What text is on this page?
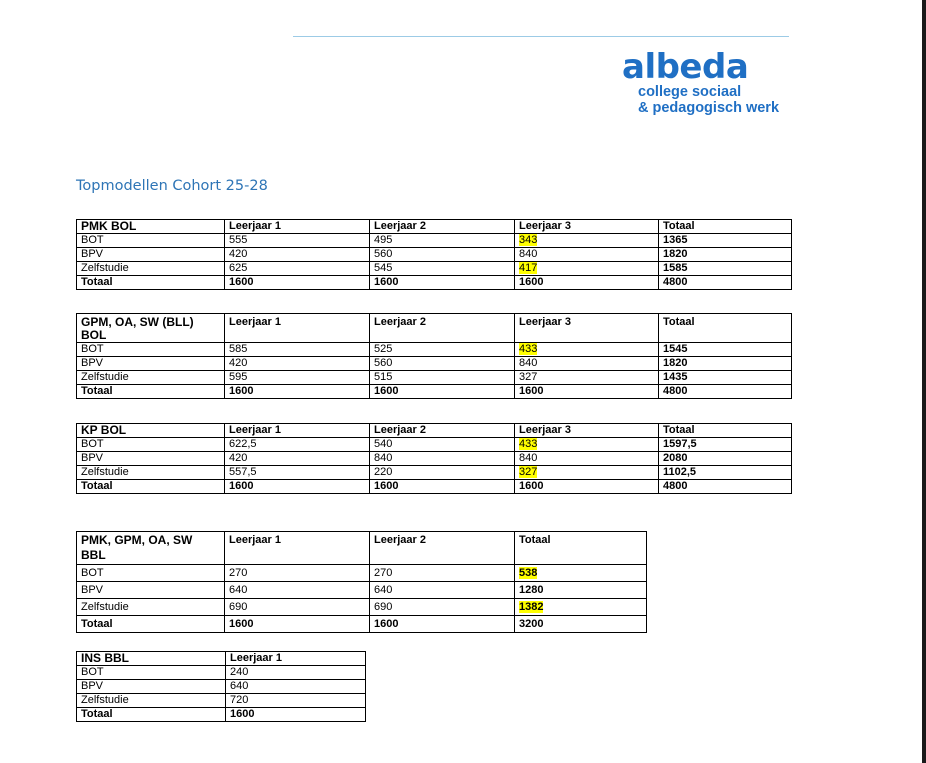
albeda
college sociaal
& pedagogisch werk
Topmodellen Cohort 25-28
PMK BOL	Leerjaar 1	Leerjaar 2	Leerjaar 3	Totaal
BOT	555	495	343	1365
BPV	420	560	840	1820
Zelfstudie	625	545	417	1585
Totaal	1600	1600	1600	4800
GPM, OA, SW (BLL) BOL	Leerjaar 1	Leerjaar 2	Leerjaar 3	Totaal
BOT	585	525	433	1545
BPV	420	560	840	1820
Zelfstudie	595	515	327	1435
Totaal	1600	1600	1600	4800
KP BOL	Leerjaar 1	Leerjaar 2	Leerjaar 3	Totaal
BOT	622,5	540	433	1597,5
BPV	420	840	840	2080
Zelfstudie	557,5	220	327	1102,5
Totaal	1600	1600	1600	4800
PMK, GPM, OA, SW BBL	Leerjaar 1	Leerjaar 2	Totaal
BOT	270	270	538
BPV	640	640	1280
Zelfstudie	690	690	1382
Totaal	1600	1600	3200
INS BBL	Leerjaar 1
BOT	240
BPV	640
Zelfstudie	720
Totaal	1600
